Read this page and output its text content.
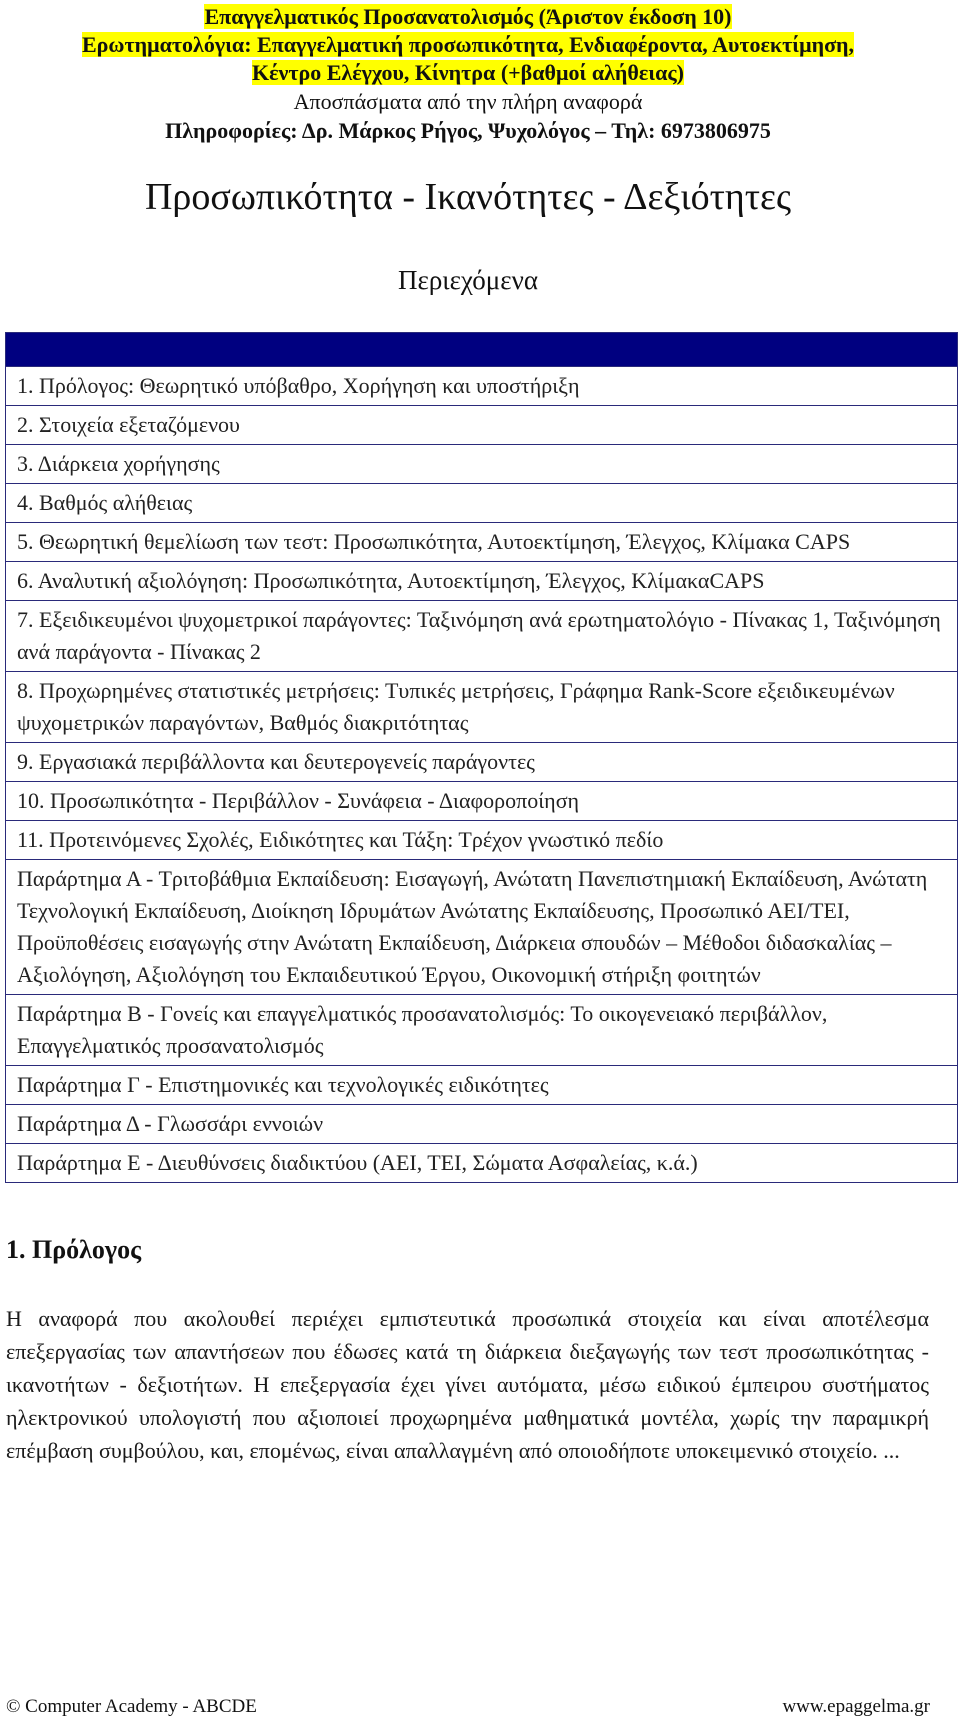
Επαγγελματικός Προσανατολισμός (Άριστον έκδοση 10)
Ερωτηματολόγια: Επαγγελματική προσωπικότητα, Ενδιαφέροντα, Αυτοεκτίμηση,
Κέντρο Ελέγχου, Κίνητρα (+βαθμοί αλήθειας)
Αποσπάσματα από την πλήρη αναφορά
Πληροφορίες: Δρ. Μάρκος Ρήγος, Ψυχολόγος – Τηλ: 6973806975
Προσωπικότητα - Ικανότητες - Δεξιότητες
Περιεχόμενα
1. Πρόλογος: Θεωρητικό υπόβαθρο, Χορήγηση και υποστήριξη
2. Στοιχεία εξεταζόμενου
3. Διάρκεια χορήγησης
4. Βαθμός αλήθειας
5. Θεωρητική θεμελίωση των τεστ: Προσωπικότητα, Αυτοεκτίμηση, Έλεγχος, Κλίμακα CAPS
6. Αναλυτική αξιολόγηση: Προσωπικότητα, Αυτοεκτίμηση, Έλεγχος, ΚλίμακαCAPS
7. Εξειδικευμένοι ψυχομετρικοί παράγοντες: Ταξινόμηση ανά ερωτηματολόγιο - Πίνακας 1, Ταξινόμηση ανά παράγοντα - Πίνακας 2
8. Προχωρημένες στατιστικές μετρήσεις: Τυπικές μετρήσεις, Γράφημα Rank-Score εξειδικευμένων ψυχομετρικών παραγόντων, Βαθμός διακριτότητας
9. Εργασιακά περιβάλλοντα και δευτερογενείς παράγοντες
10. Προσωπικότητα - Περιβάλλον - Συνάφεια - Διαφοροποίηση
11. Προτεινόμενες Σχολές, Ειδικότητες και Τάξη: Τρέχον γνωστικό πεδίο
Παράρτημα Α - Τριτοβάθμια Εκπαίδευση: Εισαγωγή, Ανώτατη Πανεπιστημιακή Εκπαίδευση, Ανώτατη Τεχνολογική Εκπαίδευση, Διοίκηση Ιδρυμάτων Ανώτατης Εκπαίδευσης, Προσωπικό ΑΕΙ/ΤΕΙ, Προϋποθέσεις εισαγωγής στην Ανώτατη Εκπαίδευση, Διάρκεια σπουδών – Μέθοδοι διδασκαλίας – Αξιολόγηση, Αξιολόγηση του Εκπαιδευτικού Έργου, Οικονομική στήριξη φοιτητών
Παράρτημα Β - Γονείς και επαγγελματικός προσανατολισμός: Το οικογενειακό περιβάλλον, Επαγγελματικός προσανατολισμός
Παράρτημα Γ - Επιστημονικές και τεχνολογικές ειδικότητες
Παράρτημα Δ - Γλωσσάρι εννοιών
Παράρτημα Ε - Διευθύνσεις διαδικτύου (ΑΕΙ, ΤΕΙ, Σώματα Ασφαλείας, κ.ά.)
1. Πρόλογος
Η αναφορά που ακολουθεί περιέχει εμπιστευτικά προσωπικά στοιχεία και είναι αποτέλεσμα επεξεργασίας των απαντήσεων που έδωσες κατά τη διάρκεια διεξαγωγής των τεστ προσωπικότητας - ικανοτήτων - δεξιοτήτων. Η επεξεργασία έχει γίνει αυτόματα, μέσω ειδικού έμπειρου συστήματος ηλεκτρονικού υπολογιστή που αξιοποιεί προχωρημένα μαθηματικά μοντέλα, χωρίς την παραμικρή επέμβαση συμβούλου, και, επομένως, είναι απαλλαγμένη από οποιοδήποτε υποκειμενικό στοιχείο. ...
© Computer Academy - ABCDE	www.epaggelma.gr
